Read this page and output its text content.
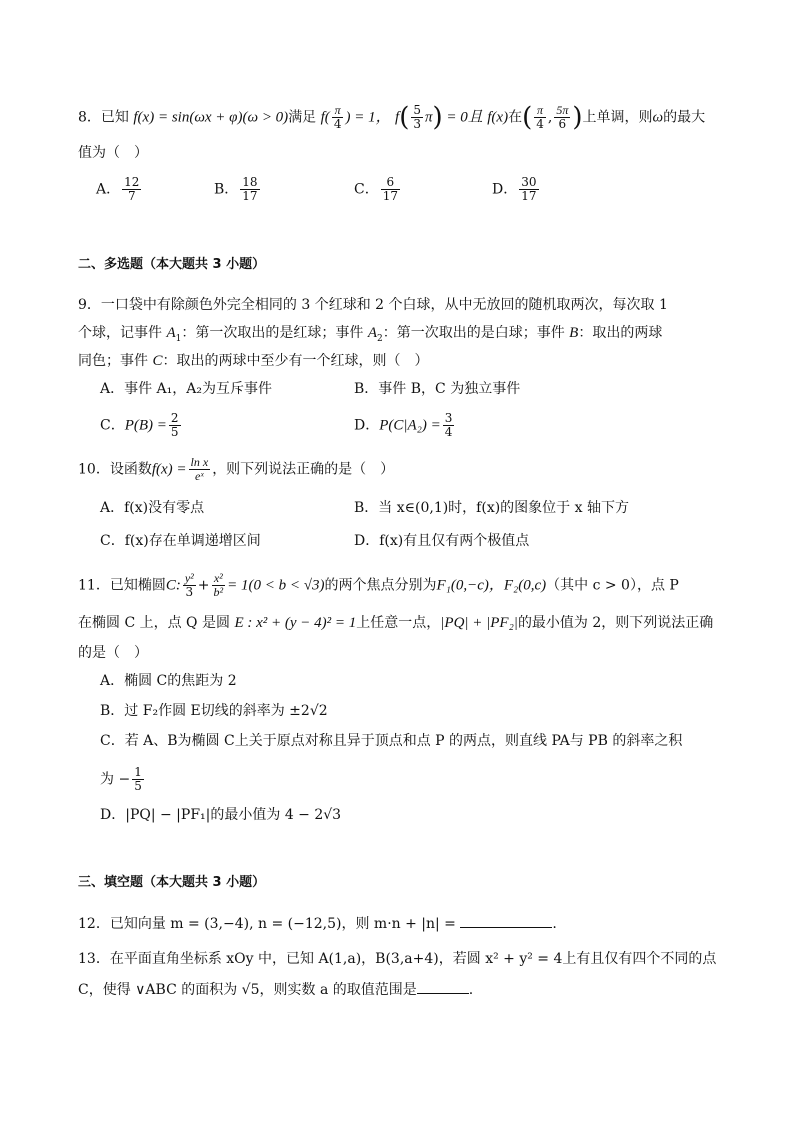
8．已知 f(x) = sin(ωx + φ)(ω > 0)满足 $f( \frac{\pi}{4}$ ) = 1， $f( \frac{5}{3} \pi) = 0$且 f(x)在( $\frac{\pi}{4}$ , $\frac{5\pi}{6}$ )上单调，则ω的最大
值为（　）
A． $\frac{12}{7}$	B． $\frac{18}{17}$	C． $\frac{6}{17}$	D． $\frac{30}{17}$
二、多选题（本大题共 3 小题）
9．一口袋中有除颜色外完全相同的 3 个红球和 2 个白球，从中无放回的随机取两次，每次取 1
个球，记事件 $A_1$：第一次取出的是红球；事件 $A_2$：第一次取出的是白球；事件 B：取出的两球
同色；事件 C：取出的两球中至少有一个红球，则（　）
A．事件 A₁，A₂为互斥事件	B．事件 B，C 为独立事件
C．$P(B) = \frac{2}{5}$	D．$P(C|A_2) = \frac{3}{4}$
10．设函数$f(x) = \frac{\text{ln x}}{\text{eˣ}}$ ，则下列说法正确的是（　）
A．f(x)没有零点	B．当 x∈(0,1)时，f(x)的图象位于 x 轴下方
C．f(x)存在单调递增区间	D．f(x)有且仅有两个极值点
11．已知椭圆C: $\frac{\text{y²}}{3} + \frac{\text{x²}}{\text{b²}} = 1(0 < b < √3)$的两个焦点分别为F₁(0,−c)，F₂(0,c)（其中 c > 0），点 P
在椭圆 C 上，点 Q 是圆 E : x² + (y − 4)² = 1上任意一点，|PQ| + |PF₂|的最小值为 2，则下列说法正确
的是（　）
A．椭圆 C的焦距为 2
B．过 F₂作圆 E切线的斜率为 ±2√2
C．若 A、B为椭圆 C上关于原点对称且异于顶点和点 P 的两点，则直线 PA与 PB 的斜率之积
为 − $\frac{1}{5}$
D．|PQ| − |PF₁|的最小值为 4 − 2√3
三、填空题（本大题共 3 小题）
12．已知向量 m = (3,−4), n = (−12,5)，则 m·n + |n| =	.
13．在平面直角坐标系 xOy 中，已知 A(1,a)，B(3,a+4)，若圆 x² + y² = 4上有且仅有四个不同的点
C，使得 ∨ABC 的面积为 √5，则实数 a 的取值范围是	.
